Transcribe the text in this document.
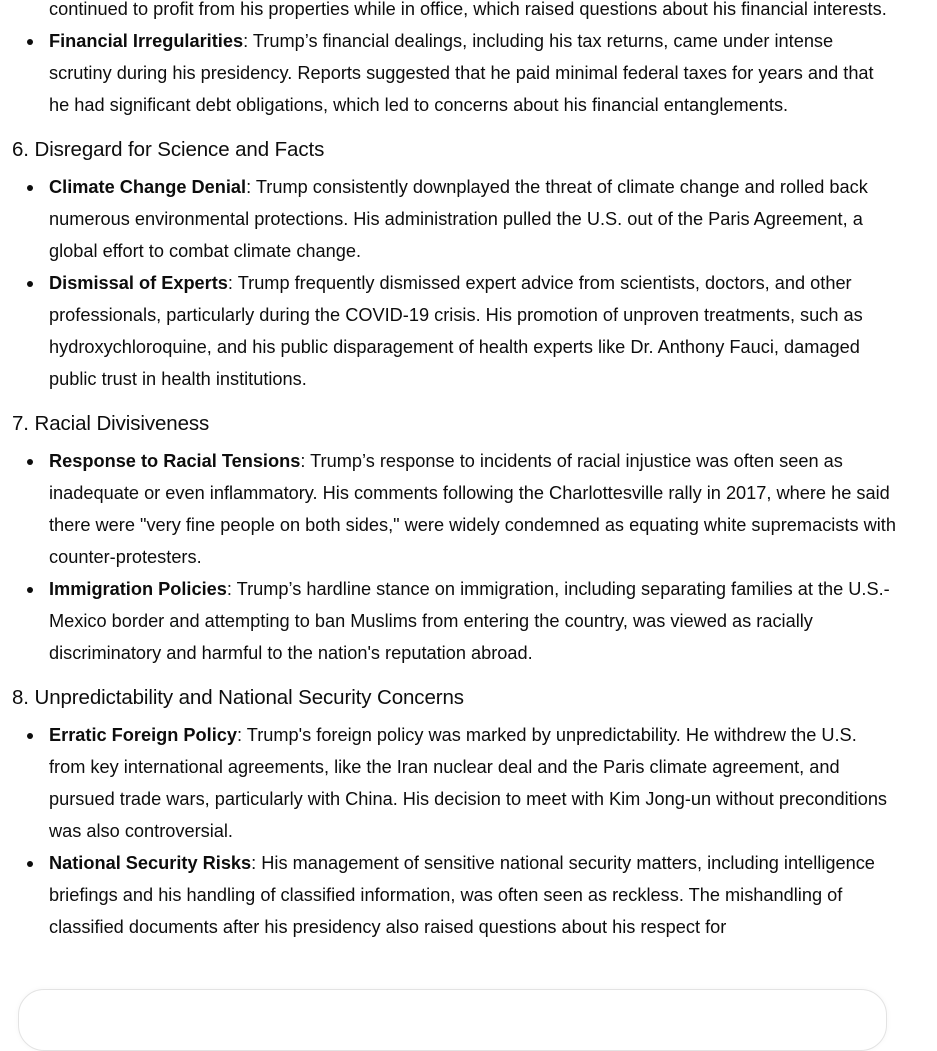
continued to profit from his properties while in office, which raised questions about his financial interests.

Financial Irregularities: Trump’s financial dealings, including his tax returns, came under intense scrutiny during his presidency. Reports suggested that he paid minimal federal taxes for years and that he had significant debt obligations, which led to concerns about his financial entanglements.
6. Disregard for Science and Facts
Climate Change Denial: Trump consistently downplayed the threat of climate change and rolled back numerous environmental protections. His administration pulled the U.S. out of the Paris Agreement, a global effort to combat climate change.
Dismissal of Experts: Trump frequently dismissed expert advice from scientists, doctors, and other professionals, particularly during the COVID-19 crisis. His promotion of unproven treatments, such as hydroxychloroquine, and his public disparagement of health experts like Dr. Anthony Fauci, damaged public trust in health institutions.
7. Racial Divisiveness
Response to Racial Tensions: Trump’s response to incidents of racial injustice was often seen as inadequate or even inflammatory. His comments following the Charlottesville rally in 2017, where he said there were "very fine people on both sides," were widely condemned as equating white supremacists with counter-protesters.
Immigration Policies: Trump’s hardline stance on immigration, including separating families at the U.S.-Mexico border and attempting to ban Muslims from entering the country, was viewed as racially discriminatory and harmful to the nation's reputation abroad.
8. Unpredictability and National Security Concerns
Erratic Foreign Policy: Trump's foreign policy was marked by unpredictability. He withdrew the U.S. from key international agreements, like the Iran nuclear deal and the Paris climate agreement, and pursued trade wars, particularly with China. His decision to meet with Kim Jong-un without preconditions was also controversial.
National Security Risks: His management of sensitive national security matters, including intelligence briefings and his handling of classified information, was often seen as reckless. The mishandling of classified documents after his presidency also raised questions about his respect for
